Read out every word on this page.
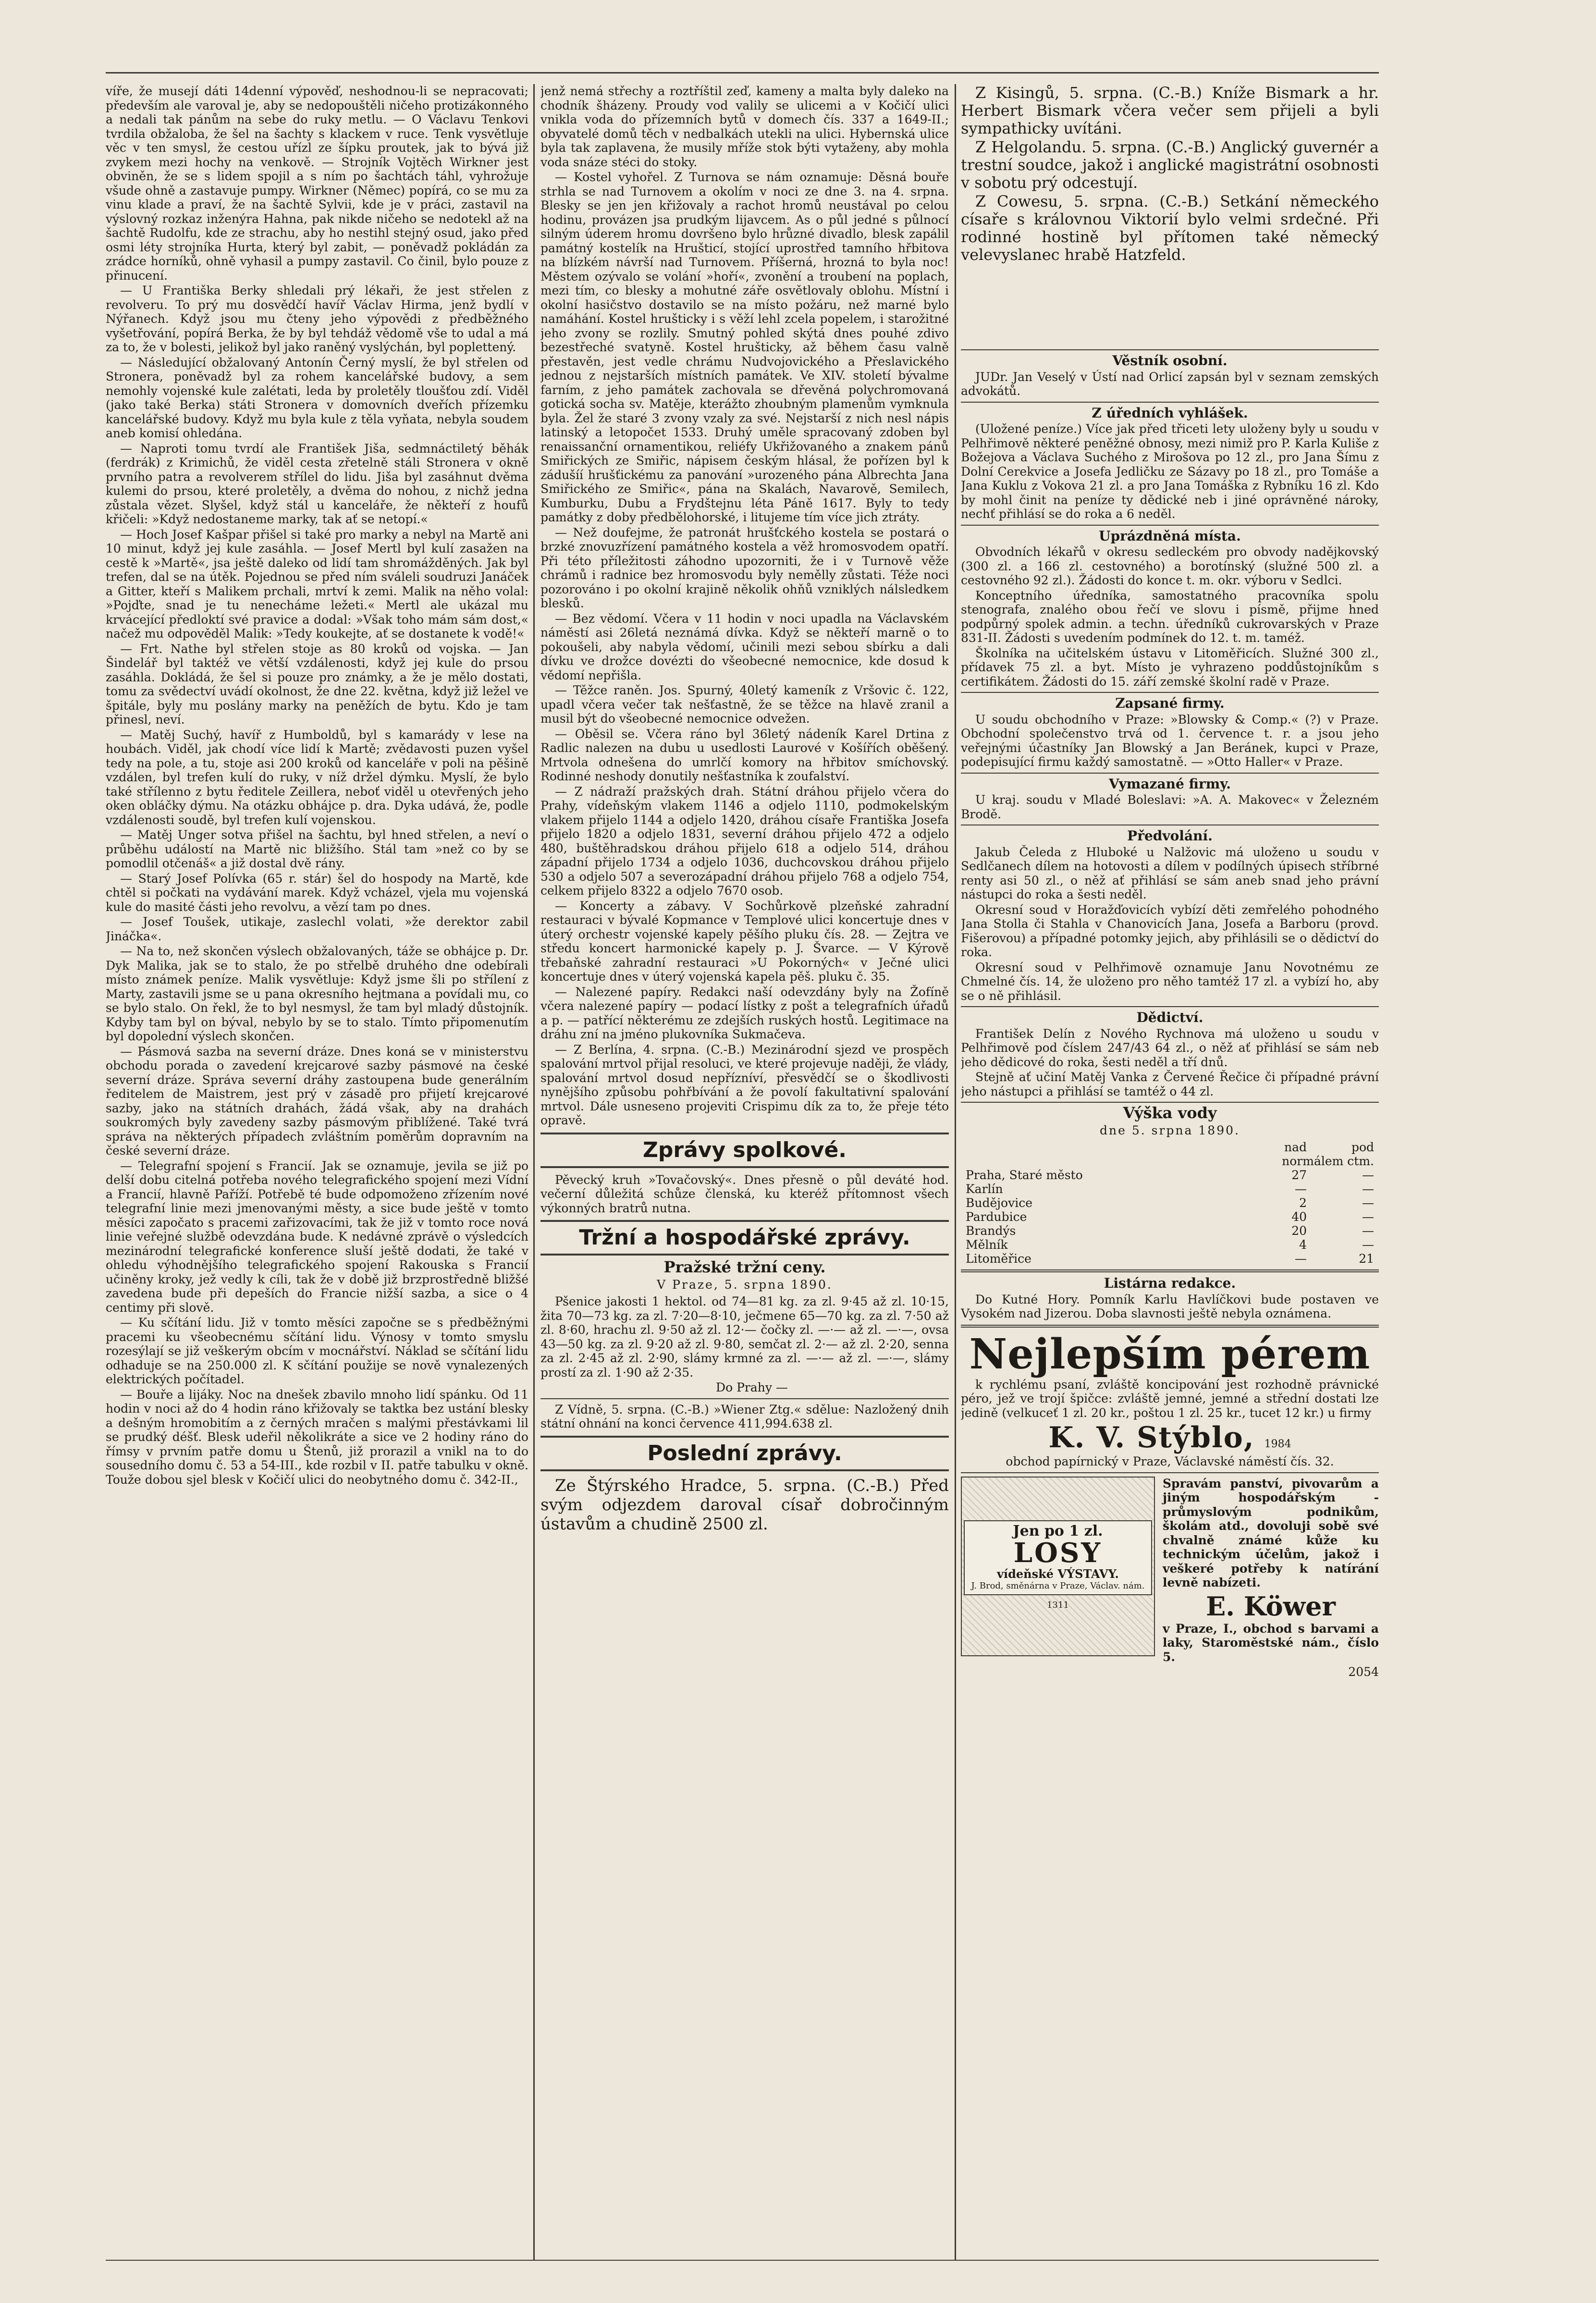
víře, že musejí dáti 14denní výpověď, neshodnou-li se nepracovati; především ale varoval je, aby se nedopouštěli ničeho protizákonného a nedali tak pánům na sebe do ruky metlu. — O Václavu Tenkovi tvrdila obžaloba, že šel na šachty s klackem v ruce. Tenk vysvětluje věc v ten smysl, že cestou uřízl ze šípku proutek, jak to bývá již zvykem mezi hochy na venkově. — Strojník Vojtěch Wirkner jest obviněn, že se s lidem spojil a s ním po šachtách táhl, vyhrožuje všude ohně a zastavuje pumpy. Wirkner (Němec) popírá, co se mu za vinu klade a praví, že na šachtě Sylvii, kde je v práci, zastavil na výslovný rozkaz inženýra Hahna, pak nikde ničeho se nedotekl až na šachtě Rudolfu, kde ze strachu, aby ho nestihl stejný osud, jako před osmi léty strojníka Hurta, který byl zabit, — poněvadž pokládán za zrádce horníků, ohně vyhasil a pumpy zastavil. Co činil, bylo pouze z přinucení.

— U Františka Berky shledali prý lékaři, že jest střelen z revolveru. To prý mu dosvědčí havíř Václav Hirma, jenž bydlí v Nýřanech. Když jsou mu čteny jeho výpovědi z předběžného vyšetřování, popírá Berka, že by byl tehdáž vědomě vše to udal a má za to, že v bolesti, jelikož byl jako raněný vyslýchán, byl poplettený.

— Následující obžalovaný Antonín Černý myslí, že byl střelen od Stronera, poněvadž byl za rohem kancelářské budovy, a sem nemohly vojenské kule zalétati, leda by proletěly tloušťou zdí. Viděl (jako také Berka) státi Stronera v domovních dveřích přízemku kancelářské budovy. Když mu byla kule z těla vyňata, nebyla soudem aneb komisí ohledána.

— Naproti tomu tvrdí ale František Jiša, sedmnáctiletý běhák (ferdrák) z Krimichů, že viděl cesta zřetelně stáli Stronera v okně prvního patra a revolverem střílel do lidu. Jiša byl zasáhnut dvěma kulemi do prsou, které proletěly, a dvěma do nohou, z nichž jedna zůstala vězet. Slyšel, když stál u kanceláře, že někteří z houfů křičeli: »Když nedostaneme marky, tak ať se netopí.«

— Hoch Josef Kašpar přišel si také pro marky a nebyl na Martě ani 10 minut, když jej kule zasáhla. — Josef Mertl byl kulí zasažen na cestě k »Martě«, jsa ještě daleko od lidí tam shromážděných. Jak byl trefen, dal se na útěk. Pojednou se před ním sváleli soudruzi Janáček a Gitter, kteří s Malikem prchali, mrtví k zemi. Malik na něho volal: »Pojďte, snad je tu nenecháme ležeti.« Mertl ale ukázal mu krvácející předloktí své pravice a dodal: »Však toho mám sám dost,« načež mu odpověděl Malik: »Tedy koukejte, ať se dostanete k vodě!«

— Frt. Nathe byl střelen stoje as 80 kroků od vojska. — Jan Šindelář byl taktéž ve větší vzdálenosti, když jej kule do prsou zasáhla. Dokládá, že šel si pouze pro známky, a že je mělo dostati, tomu za svědectví uvádí okolnost, že dne 22. května, když již ležel ve špitále, byly mu poslány marky na peněžích de bytu. Kdo je tam přinesl, neví.

— Matěj Suchý, havíř z Humboldů, byl s kamarády v lese na houbách. Viděl, jak chodí více lidí k Martě; zvědavosti puzen vyšel tedy na pole, a tu, stoje asi 200 kroků od kanceláře v poli na pěšině vzdálen, byl trefen kulí do ruky, v níž držel dýmku. Myslí, že bylo také střílenno z bytu ředitele Zeillera, neboť viděl u otevřených jeho oken obláčky dýmu. Na otázku obhájce p. dra. Dyka udává, že, podle vzdálenosti soudě, byl trefen kulí vojenskou.

— Matěj Unger sotva přišel na šachtu, byl hned střelen, a neví o průběhu událostí na Martě nic bližšího. Stál tam »než co by se pomodlil otčenáš« a již dostal dvě rány.

— Starý Josef Polívka (65 r. stár) šel do hospody na Martě, kde chtěl si počkati na vydávání marek. Když vcházel, vjela mu vojenská kule do masité části jeho revolvu, a vězí tam po dnes.

— Josef Toušek, utikaje, zaslechl volati, »že derektor zabil Jináčka«.

— Na to, než skončen výslech obžalovaných, táže se obhájce p. Dr. Dyk Malika, jak se to stalo, že po střelbě druhého dne odebírali místo známek peníze. Malik vysvětluje: Když jsme šli po střílení z Marty, zastavili jsme se u pana okresního hejtmana a povídali mu, co se bylo stalo. On řekl, že to byl nesmysl, že tam byl mladý důstojník. Kdyby tam byl on býval, nebylo by se to stalo. Tímto připomenutím byl dopolední výslech skončen.

— Pásmová sazba na severní dráze. Dnes koná se v ministerstvu obchodu porada o zavedení krejcarové sazby pásmové na české severní dráze. Správa severní dráhy zastoupena bude generálním ředitelem de Maistrem, jest prý v zásadě pro přijetí krejcarové sazby, jako na státních drahách, žádá však, aby na drahách soukromých byly zavedeny sazby pásmovým přiblížené. Také tvrá správa na některých případech zvláštním poměrům dopravním na české severní dráze.

— Telegrafní spojení s Francií. Jak se oznamuje, jevila se již po delší dobu citelná potřeba nového telegrafického spojení mezi Vídní a Francií, hlavně Paříží. Potřebě té bude odpomoženo zřízením nové telegrafní linie mezi jmenovanými městy, a sice bude ještě v tomto měsíci započato s pracemi zařizovacími, tak že již v tomto roce nová linie veřejné službě odevzdána bude. K nedávné zprávě o výsledcích mezinárodní telegrafické konference sluší ještě dodati, že také v ohledu výhodnějšího telegrafického spojení Rakouska s Francií učiněny kroky, jež vedly k cíli, tak že v době již brzprostředně bližšé zavedena bude při depeších do Francie nižší sazba, a sice o 4 centimy při slově.

— Ku sčítání lidu. Již v tomto měsíci započne se s předběžnými pracemi ku všeobecnému sčítání lidu. Výnosy v tomto smyslu rozesýlají se již veškerým obcím v mocnářství. Náklad se sčítání lidu odhaduje se na 250.000 zl. K sčítání použije se nově vynalezených elektrických počítadel.

— Bouře a lijáky. Noc na dnešek zbavilo mnoho lidí spánku. Od 11 hodin v noci až do 4 hodin ráno křižovaly se taktka bez ustání blesky a dešným hromobitím a z černých mračen s malými přestávkami lil se prudký déšť. Blesk udeřil několikráte a sice ve 2 hodiny ráno do římsy v prvním patře domu u Štenů, již prorazil a vnikl na to do sousedního domu č. 53 a 54-III., kde rozbil v II. patře tabulku v okně. Touže dobou sjel blesk v Kočičí ulici do neobytného domu č. 342-II.,

jenž nemá střechy a roztříštil zeď, kameny a malta byly daleko na chodník šházeny. Proudy vod valily se ulicemi a v Kočičí ulici vnikla voda do přízemních bytů v domech čís. 337 a 1649-II.; obyvatelé domů těch v nedbalkách utekli na ulici. Hybernská ulice byla tak zaplavena, že musily mříže stok býti vytaženy, aby mohla voda snáze stéci do stoky.

— Kostel vyhořel. Z Turnova se nám oznamuje: Děsná bouře strhla se nad Turnovem a okolím v noci ze dne 3. na 4. srpna. Blesky se jen jen křižovaly a rachot hromů neustával po celou hodinu, provázen jsa prudkým lijavcem. As o půl jedné s půlnocí silným úderem hromu dovršeno bylo hrůzné divadlo, blesk zapálil památný kostelík na Hrušticí, stojící uprostřed tamního hřbitova na blízkém návrší nad Turnovem. Příšerná, hrozná to byla noc! Městem ozývalo se volání »hoří«, zvonění a troubení na poplach, mezi tím, co blesky a mohutné záře osvětlovaly oblohu. Místní i okolní hasičstvo dostavilo se na místo požáru, než marné bylo namáhání. Kostel hrušticky i s věží lehl zcela popelem, i starožitné jeho zvony se rozlily. Smutný pohled skýtá dnes pouhé zdivo bezestřeché svatyně. Kostel hrušticky, až během času valně přestavěn, jest vedle chrámu Nudvojovického a Přeslavického jednou z nejstarších místních památek. Ve XIV. století bývalme farním, z jeho památek zachovala se dřevěná polychromovaná gotická socha sv. Matěje, kterážto zhoubným plamenům vymknula byla. Žel že staré 3 zvony vzaly za své. Nejstarší z nich nesl nápis latinský a letopočet 1533. Druhý uměle spracovaný zdoben byl renaissanční ornamentikou, reliéfy Ukřižovaného a znakem pánů Smiřických ze Smiřic, nápisem českým hlásal, že pořízen byl k zádušíí hrušťickému za panování »urozeného pána Albrechta Jana Smiřického ze Smiřic«, pána na Skalách, Navarově, Semilech, Kumburku, Dubu a Frydštejnu léta Páně 1617. Byly to tedy památky z doby předbělohorské, i litujeme tím více jich ztráty.

— Než doufejme, že patronát hrušťckého kostela se postará o brzké znovuzřízení památného kostela a věž hromosvodem opatří. Při této příležitosti záhodno upozorniti, že i v Turnově věže chrámů i radnice bez hromosvodu byly nemělly zůstati. Téže noci pozorováno i po okolní krajině několik ohňů vzniklých nálsledkem blesků.

— Bez vědomí. Včera v 11 hodin v noci upadla na Václavském náměstí asi 26letá neznámá dívka. Když se někteří marně o to pokoušeli, aby nabyla vědomí, učinili mezi sebou sbírku a dali dívku ve drožce dovézti do všeobecné nemocnice, kde dosud k vědomí nepřišla.

— Těžce raněn. Jos. Spurný, 40letý kameník z Vršovic č. 122, upadl včera večer tak nešťastně, že se těžce na hlavě zranil a musil být do všeobecné nemocnice odvežen.

— Oběsil se. Včera ráno byl 36letý nádeník Karel Drtina z Radlic nalezen na dubu u usedlosti Laurové v Košířích oběšený. Mrtvola odnešena do umrlčí komory na hřbitov smíchovský. Rodinné neshody donutily nešťastníka k zoufalství.

— Z nádraží pražských drah. Státní dráhou přijelo včera do Prahy, vídeňským vlakem 1146 a odjelo 1110, podmokelským vlakem přijelo 1144 a odjelo 1420, dráhou císaře Františka Josefa přijelo 1820 a odjelo 1831, severní dráhou přijelo 472 a odjelo 480, buštěhradskou dráhou přijelo 618 a odjelo 514, dráhou západní přijelo 1734 a odjelo 1036, duchcovskou dráhou přijelo 530 a odjelo 507 a severozápadní dráhou přijelo 768 a odjelo 754, celkem přijelo 8322 a odjelo 7670 osob.

— Koncerty a zábavy. V Sochůrkově plzeňské zahradní restauraci v bývalé Kopmance v Templové ulici koncertuje dnes v úterý orchestr vojenské kapely pěšího pluku čís. 28. — Zejtra ve středu koncert harmonické kapely p. J. Švarce. — V Kýrově třebaňské zahradní restauraci »U Pokorných« v Ječné ulici koncertuje dnes v úterý vojenská kapela pěš. pluku č. 35.

— Nalezené papíry. Redakci naší odevzdány byly na Žofíně včera nalezené papíry — podací lístky z pošt a telegrafních úřadů a p. — patřící některému ze zdejších ruských hostů. Legitimace na dráhu zní na jméno plukovníka Sukmačeva.

— Z Berlína, 4. srpna. (C.-B.) Mezinárodní sjezd ve prospěch spalování mrtvol přijal resoluci, ve které projevuje naději, že vlády, spalování mrtvol dosud nepřízníví, přesvědčí se o škodlivosti nynějšího způsobu pohřbívání a že povolí fakultativní spalování mrtvol. Dále usneseno projeviti Crispimu dík za to, že přeje této opravě.

Zprávy spolkové.

Pěvecký kruh »Tovačovský«. Dnes přesně o půl deváté hod. večerní důležitá schůze členská, ku kteréž přítomnost všech výkonných bratrů nutna.

Tržní a hospodářské zprávy.
Pražské tržní ceny.
V Praze, 5. srpna 1890.

Pšenice jakosti 1 hektol. od 74—81 kg. za zl. 9·45 až zl. 10·15, žita 70—73 kg. za zl. 7·20—8·10, ječmene 65—70 kg. za zl. 7·50 až zl. 8·60, hrachu zl. 9·50 až zl. 12·— čočky zl. —·— až zl. —·—, ovsa 43—50 kg. za zl. 9·20 až zl. 9·80, semčat zl. 2·— až zl. 2·20, senna za zl. 2·45 až zl. 2·90, slámy krmné za zl. —·— až zl. —·—, slámy prostí za zl. 1·90 až 2·35.

Do Prahy —

Z Vídně, 5. srpna. (C.-B.) »Wiener Ztg.« sdělue: Nazložený dnih státní ohnání na konci července 411,994.638 zl.

Poslední zprávy.

Ze Štýrského Hradce, 5. srpna. (C.-B.) Před svým odjezdem daroval císař dobročinným ústavům a chudině 2500 zl.

Z Kisingů, 5. srpna. (C.-B.) Kníže Bismark a hr. Herbert Bismark včera večer sem přijeli a byli sympathicky uvítáni.

Z Helgolandu. 5. srpna. (C.-B.) Anglický guvernér a trestní soudce, jakož i anglické magistrátní osobnosti v sobotu prý odcestují.

Z Cowesu, 5. srpna. (C.-B.) Setkání německého císaře s královnou Viktorií bylo velmi srdečné. Při rodinné hostině byl přítomen také německý velevyslanec hrabě Hatzfeld.

Věstník osobní.

JUDr. Jan Veselý v Ústí nad Orlicí zapsán byl v seznam zemských advokátů.

Z úředních vyhlášek.

(Uložené peníze.) Více jak před třiceti lety uloženy byly u soudu v Pelhřimově některé peněžné obnosy, mezi nimiž pro P. Karla Kuliše z Božejova a Václava Suchého z Mirošova po 12 zl., pro Jana Šímu z Dolní Cerekvice a Josefa Jedličku ze Sázavy po 18 zl., pro Tomáše a Jana Kuklu z Vokova 21 zl. a pro Jana Tomáška z Rybníku 16 zl. Kdo by mohl činit na peníze ty dědické neb i jiné oprávněné nároky, nechť přihlásí se do roka a 6 neděl.

Uprázdněná místa.

Obvodních lékařů v okresu sedleckém pro obvody nadějkovský (300 zl. a 166 zl. cestovného) a borotínský (služné 500 zl. a cestovného 92 zl.). Žádosti do konce t. m. okr. výboru v Sedlci.

Konceptního úředníka, samostatného pracovníka spolu stenografa, znalého obou řečí ve slovu i písmě, přijme hned podpůrný spolek admin. a techn. úředníků cukrovarských v Praze 831-II. Žádosti s uvedením podmínek do 12. t. m. taméž.

Školníka na učitelském ústavu v Litoměřicích. Služné 300 zl., přídavek 75 zl. a byt. Místo je vyhrazeno poddůstojníkům s certifikátem. Žádosti do 15. září zemské školní radě v Praze.

Zapsané firmy.

U soudu obchodního v Praze: »Blowsky & Comp.« (?) v Praze. Obchodní společenstvo trvá od 1. července t. r. a jsou jeho veřejnými účastníky Jan Blowský a Jan Beránek, kupci v Praze, podepisující firmu každý samostatně. — »Otto Haller« v Praze.

Vymazané firmy.

U kraj. soudu v Mladé Boleslavi: »A. A. Makovec« v Železném Brodě.

Předvolání.

Jakub Čeleda z Hluboké u Nalžovic má uloženo u soudu v Sedlčanech dílem na hotovosti a dílem v podílných úpisech stříbrné renty asi 50 zl., o něž ať přihlásí se sám aneb snad jeho právní nástupci do roka a šesti neděl.

Okresní soud v Horažďovicích vybízí děti zemřelého pohodného Jana Stolla či Stahla v Chanovicích Jana, Josefa a Barboru (provd. Fišerovou) a případné potomky jejich, aby přihlásili se o dědictví do roka.

Okresní soud v Pelhřimově oznamuje Janu Novotnému ze Chmelné čís. 14, že uloženo pro něho tamtéž 17 zl. a vybízí ho, aby se o ně přihlásil.

Dědictví.

František Delín z Nového Rychnova má uloženo u soudu v Pelhřimově pod číslem 247/43 64 zl., o něž ať přihlásí se sám neb jeho dědicové do roka, šesti neděl a tří dnů.

Stejně ať učiní Matěj Vanka z Červené Řečice či případné právní jeho nástupci a přihlásí se tamtéž o 44 zl.

Výška vody
dne 5. srpna 1890.
	nad	pod
	normálem ctm.	
Praha, Staré město	27	—
Karlín	—	—
Budějovice	2	—
Pardubice	40	—
Brandýs	20	—
Mělník	4	—
Litoměřice	—	21
Listárna redakce.

Do Kutné Hory. Pomník Karlu Havlíčkovi bude postaven ve Vysokém nad Jizerou. Doba slavnosti ještě nebyla oznámena.

Nejlepším pérem

k rychlému psaní, zvláště koncipování jest rozhodně právnické péro, jež ve trojí špičce: zvláště jemné, jemné a střední dostati lze jedině (velkuceť 1 zl. 20 kr., poštou 1 zl. 25 kr., tucet 12 kr.) u firmy

K. V. Stýblo, 1984

obchod papírnický v Praze, Václavské náměstí čís. 32.

Jen po 1 zl.
LOSY
vídeňské VÝSTAVY.
J. Brod, směnárna v Praze, Václav. nám.
1311

Spravám panství, pivovarům a jiným hospodářským - průmyslovým podnikům, školám atd., dovoluji sobě své chvalně známé kůže ku technickým účelům, jakož i veškeré potřeby k natírání levně nabízeti.

E. Köwer

v Praze, I., obchod s barvami a laky, Staroměstské nám., číslo 5.

2054
